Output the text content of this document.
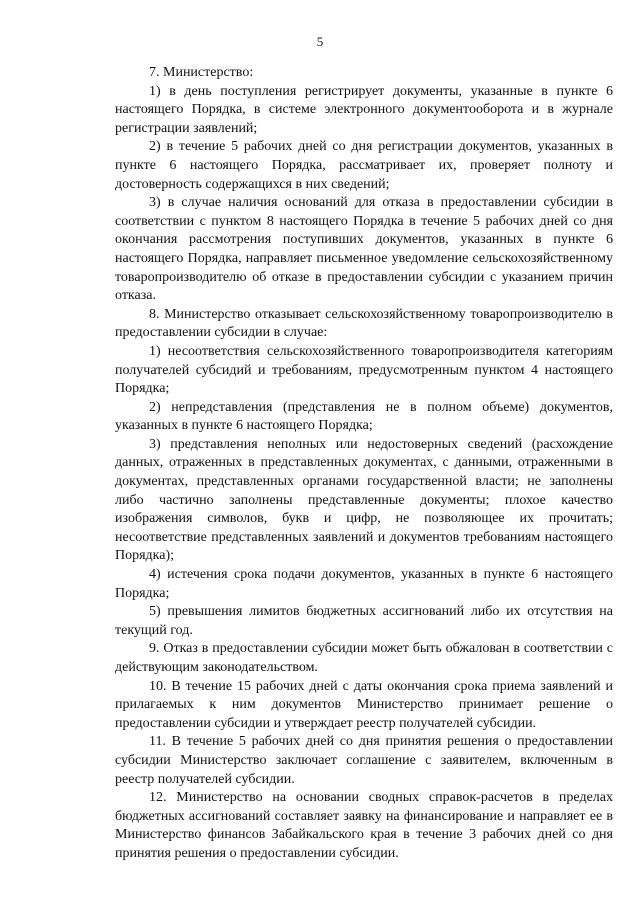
5

7. Министерство:

1) в день поступления регистрирует документы, указанные в пункте 6 настоящего Порядка, в системе электронного документооборота и в журнале регистрации заявлений;

2) в течение 5 рабочих дней со дня регистрации документов, указанных в пункте 6 настоящего Порядка, рассматривает их, проверяет полноту и достоверность содержащихся в них сведений;

3) в случае наличия оснований для отказа в предоставлении субсидии в соответствии с пунктом 8 настоящего Порядка в течение 5 рабочих дней со дня окончания рассмотрения поступивших документов, указанных в пункте 6 настоящего Порядка, направляет письменное уведомление сельскохозяйственному товаропроизводителю об отказе в предоставлении субсидии с указанием причин отказа.

8. Министерство отказывает сельскохозяйственному товаропроизводителю в предоставлении субсидии в случае:

1) несоответствия сельскохозяйственного товаропроизводителя категориям получателей субсидий и требованиям, предусмотренным пунктом 4 настоящего Порядка;

2) непредставления (представления не в полном объеме) документов, указанных в пункте 6 настоящего Порядка;

3) представления неполных или недостоверных сведений (расхождение данных, отраженных в представленных документах, с данными, отраженными в документах, представленных органами государственной власти; не заполнены либо частично заполнены представленные документы; плохое качество изображения символов, букв и цифр, не позволяющее их прочитать; несоответствие представленных заявлений и документов требованиям настоящего Порядка);

4) истечения срока подачи документов, указанных в пункте 6 настоящего Порядка;

5) превышения лимитов бюджетных ассигнований либо их отсутствия на текущий год.

9. Отказ в предоставлении субсидии может быть обжалован в соответствии с действующим законодательством.

10. В течение 15 рабочих дней с даты окончания срока приема заявлений и прилагаемых к ним документов Министерство принимает решение о предоставлении субсидии и утверждает реестр получателей субсидии.

11. В течение 5 рабочих дней со дня принятия решения о предоставлении субсидии Министерство заключает соглашение с заявителем, включенным в реестр получателей субсидии.

12. Министерство на основании сводных справок-расчетов в пределах бюджетных ассигнований составляет заявку на финансирование и направляет ее в Министерство финансов Забайкальского края в течение 3 рабочих дней со дня принятия решения о предоставлении субсидии.
